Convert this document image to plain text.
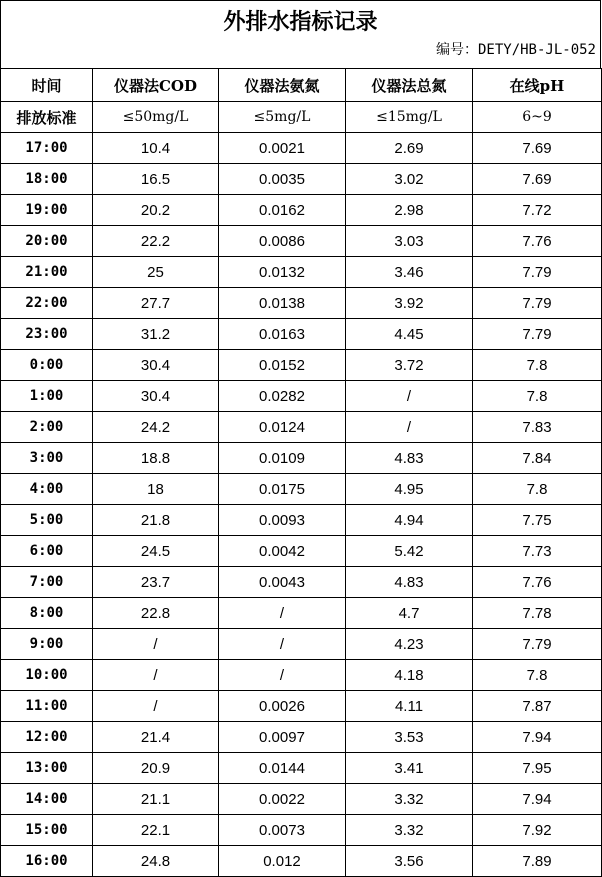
外排水指标记录
编号：DETY/HB-JL-052
时间	仪器法COD	仪器法氨氮	仪器法总氮	在线pH
排放标准	≤50mg/L	≤5mg/L	≤15mg/L	6~9
17:00	10.4	0.0021	2.69	7.69
18:00	16.5	0.0035	3.02	7.69
19:00	20.2	0.0162	2.98	7.72
20:00	22.2	0.0086	3.03	7.76
21:00	25	0.0132	3.46	7.79
22:00	27.7	0.0138	3.92	7.79
23:00	31.2	0.0163	4.45	7.79
0:00	30.4	0.0152	3.72	7.8
1:00	30.4	0.0282	/	7.8
2:00	24.2	0.0124	/	7.83
3:00	18.8	0.0109	4.83	7.84
4:00	18	0.0175	4.95	7.8
5:00	21.8	0.0093	4.94	7.75
6:00	24.5	0.0042	5.42	7.73
7:00	23.7	0.0043	4.83	7.76
8:00	22.8	/	4.7	7.78
9:00	/	/	4.23	7.79
10:00	/	/	4.18	7.8
11:00	/	0.0026	4.11	7.87
12:00	21.4	0.0097	3.53	7.94
13:00	20.9	0.0144	3.41	7.95
14:00	21.1	0.0022	3.32	7.94
15:00	22.1	0.0073	3.32	7.92
16:00	24.8	0.012	3.56	7.89
